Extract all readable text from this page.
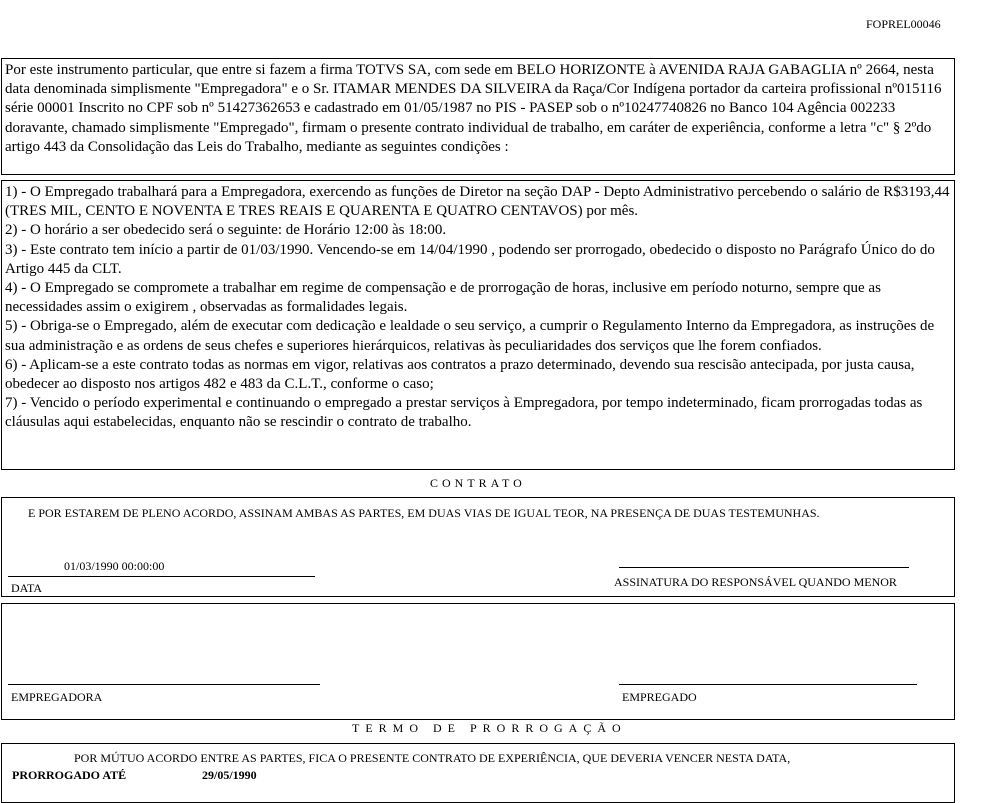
FOPREL00046

Por este instrumento particular, que entre si fazem a firma TOTVS SA, com sede em BELO HORIZONTE à AVENIDA RAJA GABAGLIA nº 2664, nesta data denominada simplismente "Empregadora" e o Sr. ITAMAR MENDES DA SILVEIRA da Raça/Cor Indígena portador da carteira profissional nº015116 série 00001 Inscrito no CPF sob nº 51427362653 e cadastrado em 01/05/1987 no PIS - PASEP sob o nº10247740826 no Banco 104 Agência 002233 doravante, chamado simplismente "Empregado", firmam o presente contrato individual de trabalho, em caráter de experiência, conforme a letra "c" § 2ºdo artigo 443 da Consolidação das Leis do Trabalho, mediante as seguintes condições :

1) - O Empregado trabalhará para a Empregadora, exercendo as funções de Diretor na seção DAP - Depto Administrativo percebendo o salário de R$3193,44 (TRES MIL, CENTO E NOVENTA E TRES REAIS E QUARENTA E QUATRO CENTAVOS) por mês.
2) - O horário a ser obedecido será o seguinte: de Horário 12:00 às 18:00.
3) - Este contrato tem início a partir de 01/03/1990. Vencendo-se em 14/04/1990 , podendo ser prorrogado, obedecido o disposto no Parágrafo Único do do Artigo 445 da CLT.
4) - O Empregado se compromete a trabalhar em regime de compensação e de prorrogação de horas, inclusive em período noturno, sempre que as necessidades assim o exigirem , observadas as formalidades legais.
5) - Obriga-se o Empregado, além de executar com dedicação e lealdade o seu serviço, a cumprir o Regulamento Interno da Empregadora, as instruções de sua administração e as ordens de seus chefes e superiores hierárquicos, relativas às peculiaridades dos serviços que lhe forem confiados.
6) - Aplicam-se a este contrato todas as normas em vigor, relativas aos contratos a prazo determinado, devendo sua rescisão antecipada, por justa causa, obedecer ao disposto nos artigos 482 e 483 da C.L.T., conforme o caso;
7) - Vencido o período experimental e continuando o empregado a prestar serviços à Empregadora, por tempo indeterminado, ficam prorrogadas todas as cláusulas aqui estabelecidas, enquanto não se rescindir o contrato de trabalho.
CONTRATO
E POR ESTAREM DE PLENO ACORDO, ASSINAM AMBAS AS PARTES, EM DUAS VIAS DE IGUAL TEOR, NA PRESENÇA DE DUAS TESTEMUNHAS.
01/03/1990 00:00:00
DATA	ASSINATURA DO RESPONSÁVEL QUANDO MENOR
EMPREGADORA	EMPREGADO
TERMO DE PRORROGAÇÃO
POR MÚTUO ACORDO ENTRE AS PARTES, FICA O PRESENTE CONTRATO DE EXPERIÊNCIA, QUE DEVERIA VENCER NESTA DATA,
PRORROGADO ATÉ	29/05/1990
